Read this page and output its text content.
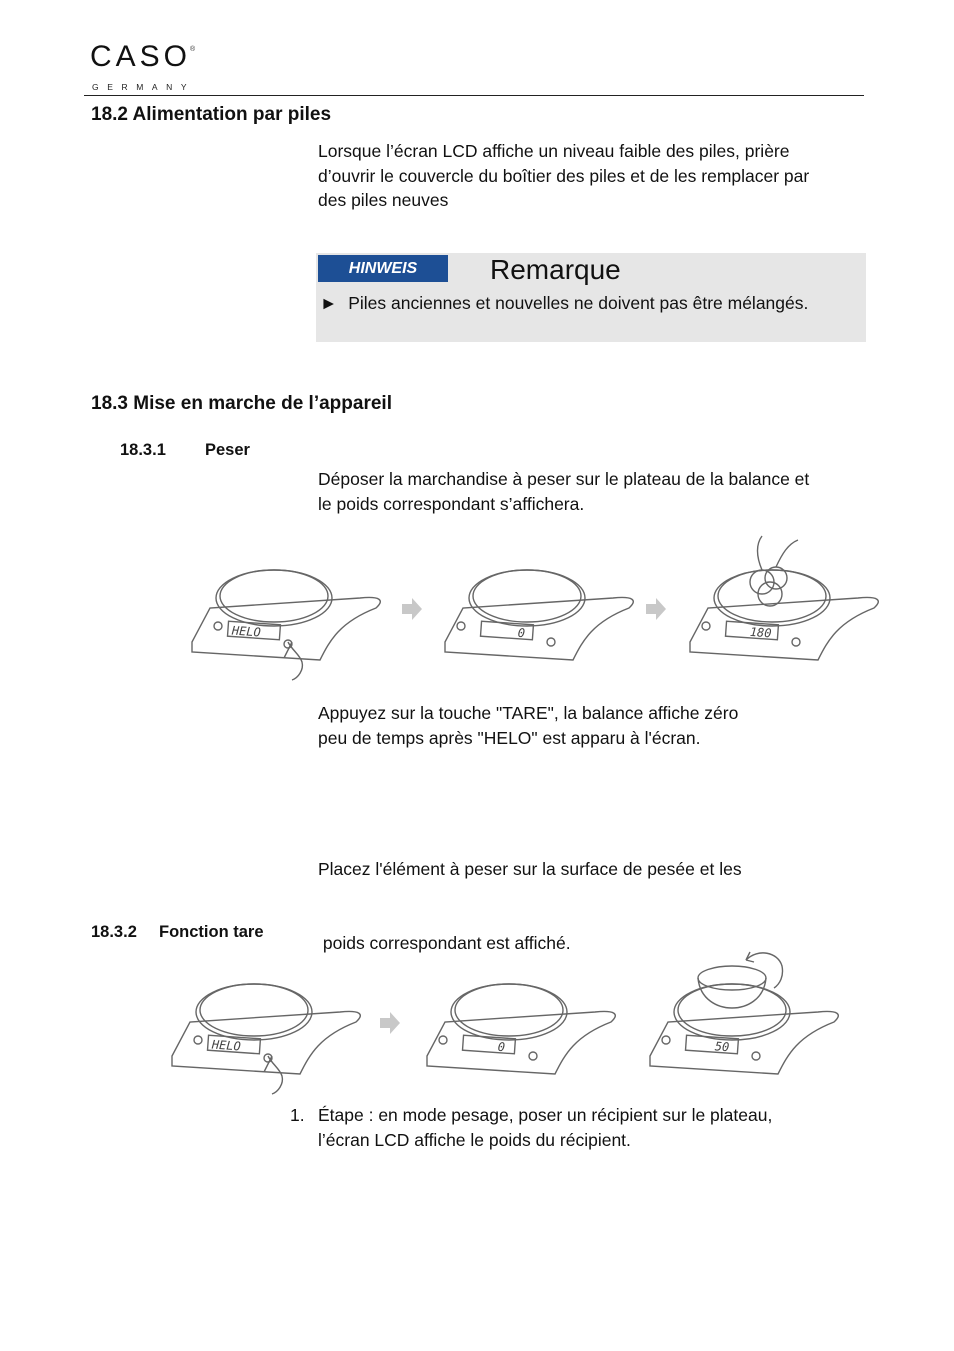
CASO
®
GERMANY
18.2 Alimentation par piles
Lorsque l’écran LCD affiche un niveau faible des piles, prière
d’ouvrir le couvercle du boîtier des piles et de les remplacer par
des piles neuves
HINWEIS	Remarque
► Piles anciennes et nouvelles ne doivent pas être mélangés.
18.3 Mise en marche de l’appareil
18.3.1 Peser
Déposer la marchandise à peser sur le plateau de la balance et
le poids correspondant s’affichera.
HELO	0	180
Appuyez sur la touche "TARE", la balance affiche zéro
peu de temps après "HELO" est apparu à l'écran.

Placez l'élément à peser sur la surface de pesée et les

poids correspondant est affiché.

18.3.2 Fonction tare
HELO	0	50
1. Étape : en mode pesage, poser un récipient sur le plateau,
l’écran LCD affiche le poids du récipient.
